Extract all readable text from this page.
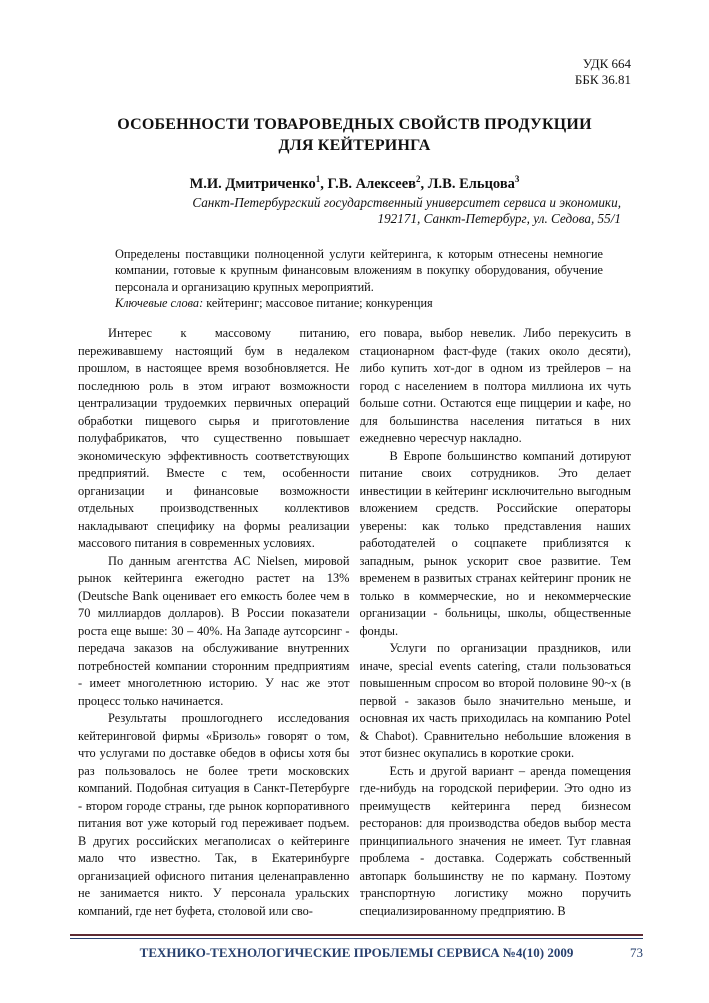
УДК 664
ББК 36.81
ОСОБЕННОСТИ ТОВАРОВЕДНЫХ СВОЙСТВ ПРОДУКЦИИ ДЛЯ КЕЙТЕРИНГА
М.И. Дмитриченко$^1$, Г.В. Алексеев$^2$, Л.В. Ельцова$^3$
Санкт-Петербургский государственный университет сервиса и экономики,
192171, Санкт-Петербург, ул. Седова, 55/1

Определены поставщики полноценной услуги кейтеринга, к которым отнесены немногие компании, готовые к крупным финансовым вложениям в покупку оборудования, обучение персонала и организацию крупных мероприятий.

Ключевые слова: кейтеринг; массовое питание; конкуренция

Интерес к массовому питанию, переживавшему настоящий бум в недалеком прошлом, в настоящее время возобновляется. Не последнюю роль в этом играют возможности централизации трудоемких первичных операций обработки пищевого сырья и приготовление полуфабрикатов, что существенно повышает экономическую эффективность соответствующих предприятий. Вместе с тем, особенности организации и финансовые возможности отдельных производственных коллективов накладывают специфику на формы реализации массового питания в современных условиях.

По данным агентства AC Nielsen, мировой рынок кейтеринга ежегодно растет на 13% (Deutsche Bank оценивает его емкость более чем в 70 миллиардов долларов). В России показатели роста еще выше: 30 – 40%. На Западе аутсорсинг - передача заказов на обслуживание внутренних потребностей компании сторонним предприятиям - имеет многолетнюю историю. У нас же этот процесс только начинается.

Результаты прошлогоднего исследования кейтеринговой фирмы «Бризоль» говорят о том, что услугами по доставке обедов в офисы хотя бы раз пользовалось не более трети московских компаний. Подобная ситуация в Санкт-Петербурге - втором городе страны, где рынок корпоративного питания вот уже который год переживает подъем. В других российских мегаполисах о кейтеринге мало что известно. Так, в Екатеринбурге организацией офисного питания целенаправленно не занимается никто. У персонала уральских компаний, где нет буфета, столовой или сво-

его повара, выбор невелик. Либо перекусить в стационарном фаст-фуде (таких около десяти), либо купить хот-дог в одном из трейлеров – на город с населением в полтора миллиона их чуть больше сотни. Остаются еще пиццерии и кафе, но для большинства населения питаться в них ежедневно чересчур накладно.

В Европе большинство компаний дотируют питание своих сотрудников. Это делает инвестиции в кейтеринг исключительно выгодным вложением средств. Российские операторы уверены: как только представления наших работодателей о соцпакете приблизятся к западным, рынок ускорит свое развитие. Тем временем в развитых странах кейтеринг проник не только в коммерческие, но и некоммерческие организации - больницы, школы, общественные фонды.

Услуги по организации праздников, или иначе, special events catering, стали пользоваться повышенным спросом во второй половине 90~х (в первой - заказов было значительно меньше, и основная их часть приходилась на компанию Potel & Chabot). Сравнительно небольшие вложения в этот бизнес окупались в короткие сроки.

Есть и другой вариант – аренда помещения где-нибудь на городской периферии. Это одно из преимуществ кейтеринга перед бизнесом ресторанов: для производства обедов выбор места принципиального значения не имеет. Тут главная проблема - доставка. Содержать собственный автопарк большинству не по карману. Поэтому транспортную логистику можно поручить специализированному предприятию. В

ТЕХНИКО-ТЕХНОЛОГИЧЕСКИЕ ПРОБЛЕМЫ СЕРВИСА №4(10) 2009	73
